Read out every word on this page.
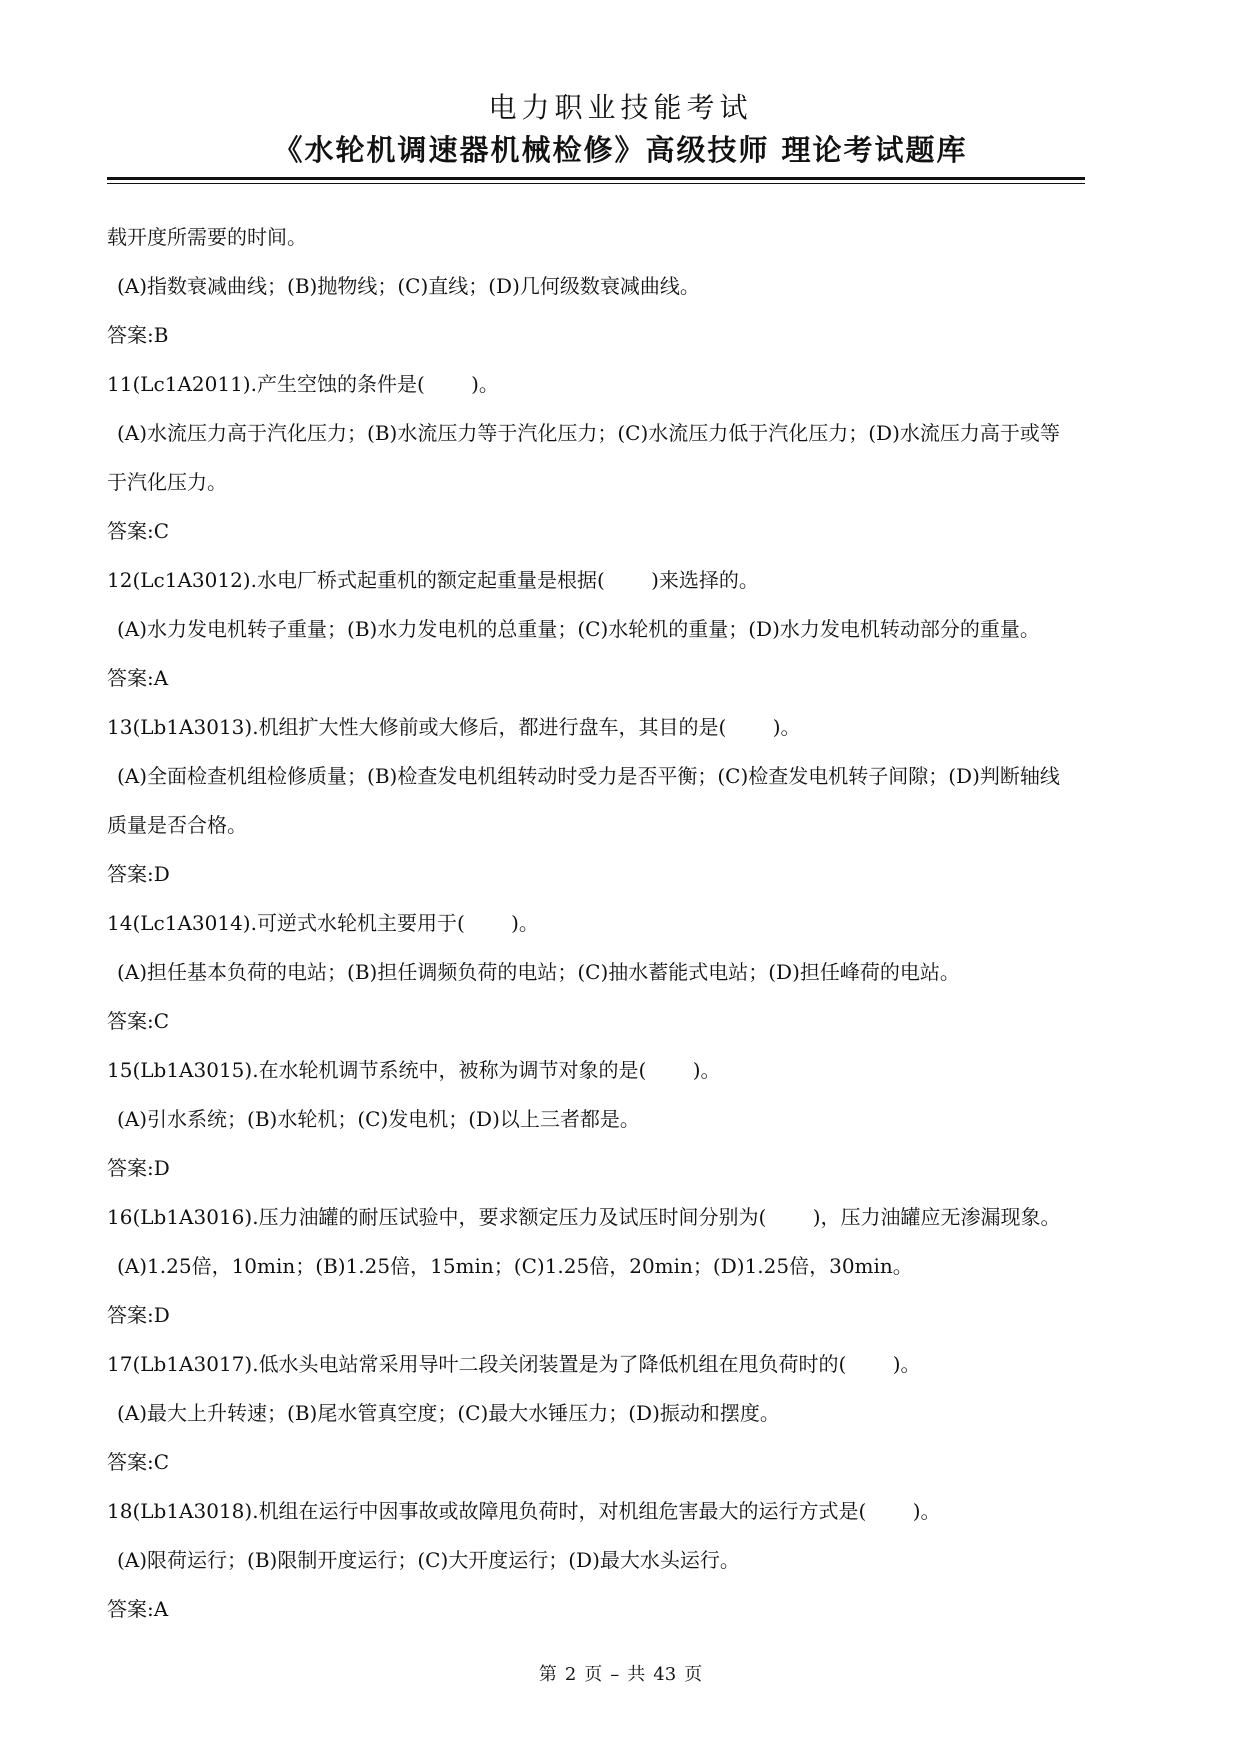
电力职业技能考试
《水轮机调速器机械检修》高级技师 理论考试题库
载开度所需要的时间。
(A)指数衰减曲线；(B)抛物线；(C)直线；(D)几何级数衰减曲线。
答案:B
11(Lc1A2011).产生空蚀的条件是(　　 )。
(A)水流压力高于汽化压力；(B)水流压力等于汽化压力；(C)水流压力低于汽化压力；(D)水流压力高于或等
于汽化压力。
答案:C
12(Lc1A3012).水电厂桥式起重机的额定起重量是根据(　　 )来选择的。
(A)水力发电机转子重量；(B)水力发电机的总重量；(C)水轮机的重量；(D)水力发电机转动部分的重量。
答案:A
13(Lb1A3013).机组扩大性大修前或大修后，都进行盘车，其目的是(　　 )。
(A)全面检查机组检修质量；(B)检查发电机组转动时受力是否平衡；(C)检查发电机转子间隙；(D)判断轴线
质量是否合格。
答案:D
14(Lc1A3014).可逆式水轮机主要用于(　　 )。
(A)担任基本负荷的电站；(B)担任调频负荷的电站；(C)抽水蓄能式电站；(D)担任峰荷的电站。
答案:C
15(Lb1A3015).在水轮机调节系统中，被称为调节对象的是(　　 )。
(A)引水系统；(B)水轮机；(C)发电机；(D)以上三者都是。
答案:D
16(Lb1A3016).压力油罐的耐压试验中，要求额定压力及试压时间分别为(　　 )，压力油罐应无渗漏现象。
(A)1.25倍，10min；(B)1.25倍，15min；(C)1.25倍，20min；(D)1.25倍，30min。
答案:D
17(Lb1A3017).低水头电站常采用导叶二段关闭装置是为了降低机组在甩负荷时的(　　 )。
(A)最大上升转速；(B)尾水管真空度；(C)最大水锤压力；(D)振动和摆度。
答案:C
18(Lb1A3018).机组在运行中因事故或故障甩负荷时，对机组危害最大的运行方式是(　　 )。
(A)限荷运行；(B)限制开度运行；(C)大开度运行；(D)最大水头运行。
答案:A
第 2 页 – 共 43 页
